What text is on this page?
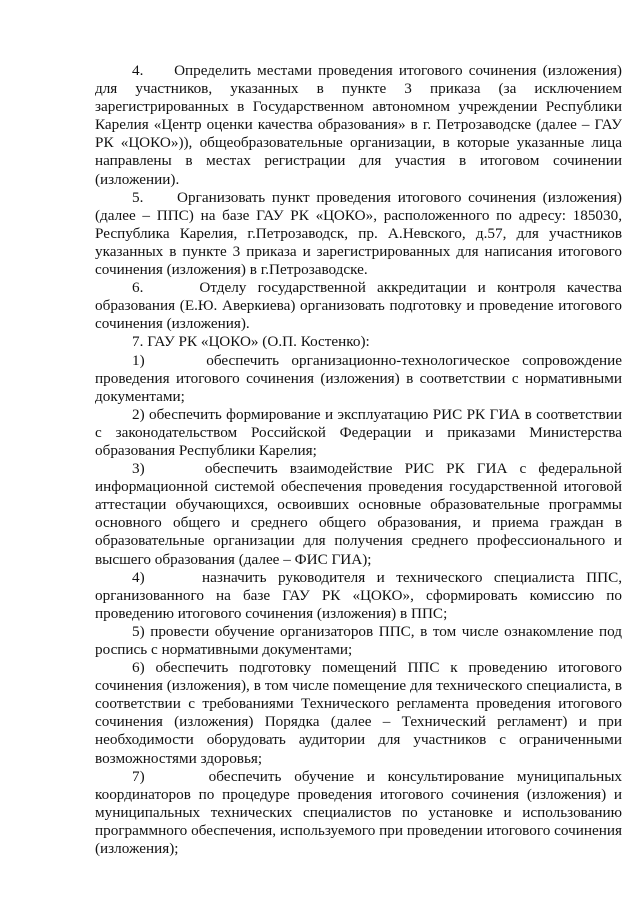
4.     Определить местами проведения итогового сочинения (изложения) для участников, указанных в пункте 3 приказа (за исключением зарегистрированных в Государственном автономном учреждении Республики Карелия «Центр оценки качества образования» в г. Петрозаводске (далее – ГАУ РК «ЦОКО»)), общеобразовательные организации, в которые указанные лица направлены в местах регистрации для участия в итоговом сочинении (изложении).

5.     Организовать пункт проведения итогового сочинения (изложения) (далее – ППС) на базе ГАУ РК «ЦОКО», расположенного по адресу: 185030, Республика Карелия, г.Петрозаводск, пр. А.Невского, д.57, для участников указанных в пункте 3 приказа и зарегистрированных для написания итогового сочинения (изложения) в г.Петрозаводске.

6.     Отделу государственной аккредитации и контроля качества образования (Е.Ю. Аверкиева) организовать подготовку и проведение итогового сочинения (изложения).

7. ГАУ РК «ЦОКО» (О.П. Костенко):

1)     обеспечить организационно-технологическое сопровождение проведения итогового сочинения (изложения) в соответствии с нормативными документами;

2) обеспечить формирование и эксплуатацию РИС РК ГИА в соответствии с законодательством Российской Федерации и приказами Министерства образования Республики Карелия;

3)     обеспечить взаимодействие РИС РК ГИА с федеральной информационной системой обеспечения проведения государственной итоговой аттестации обучающихся, освоивших основные образовательные программы основного общего и среднего общего образования, и приема граждан в образовательные организации для получения среднего профессионального и высшего образования (далее – ФИС ГИА);

4)     назначить руководителя и технического специалиста ППС, организованного на базе ГАУ РК «ЦОКО», сформировать комиссию по проведению итогового сочинения (изложения) в ППС;

5) провести обучение организаторов ППС, в том числе ознакомление под роспись с нормативными документами;

6) обеспечить подготовку помещений ППС к проведению итогового сочинения (изложения), в том числе помещение для технического специалиста, в соответствии с требованиями Технического регламента проведения итогового сочинения (изложения) Порядка (далее – Технический регламент) и при необходимости оборудовать аудитории для участников с ограниченными возможностями здоровья;

7)     обеспечить обучение и консультирование муниципальных координаторов по процедуре проведения итогового сочинения (изложения) и муниципальных технических специалистов по установке и использованию программного обеспечения, используемого при проведении итогового сочинения (изложения);
